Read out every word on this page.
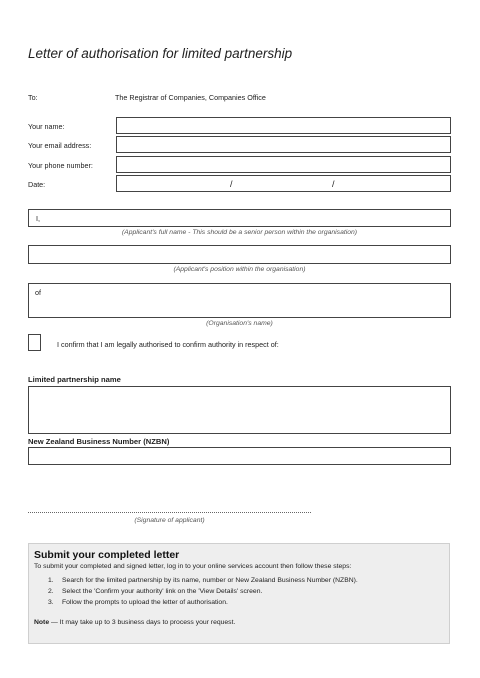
Letter of authorisation for limited partnership
To:	The Registrar of Companies, Companies Office
Your name:
Your email address:
Your phone number:
Date:	/	/
I,
(Applicant's full name - This should be a senior person within the organisation)
(Applicant's position within the organisation)
of
(Organisation's name)
I confirm that I am legally authorised to confirm authority in respect of:
Limited partnership name
New Zealand Business Number (NZBN)
(Signature of applicant)
Submit your completed letter
To submit your completed and signed letter, log in to your online services account then follow these steps:
1. Search for the limited partnership by its name, number or New Zealand Business Number (NZBN).
2. Select the 'Confirm your authority' link on the 'View Details' screen.
3. Follow the prompts to upload the letter of authorisation.
Note — It may take up to 3 business days to process your request.
